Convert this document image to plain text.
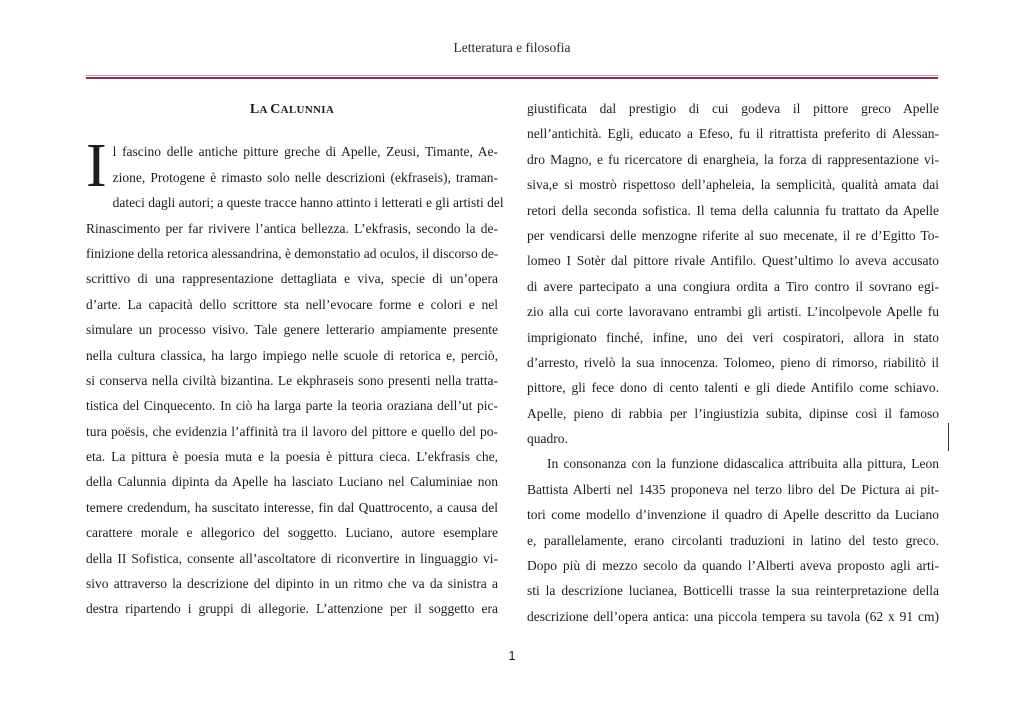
Letteratura e filosofia
LA CALUNNIA
I l fascino delle antiche pitture greche di Apelle, Zeusi, Timante, Ae-
zione, Protogene è rimasto solo nelle descrizioni (ekfraseis), traman-
dateci dagli autori; a queste tracce hanno attinto i letterati e gli artisti del
Rinascimento per far rivivere l’antica bellezza. L’ekfrasis, secondo la de-
finizione della retorica alessandrina, è demonstatio ad oculos, il discorso de-
scrittivo di una rappresentazione dettagliata e viva, specie di un’opera
d’arte. La capacità dello scrittore sta nell’evocare forme e colori e nel
simulare un processo visivo. Tale genere letterario ampiamente presente
nella cultura classica, ha largo impiego nelle scuole di retorica e, perciò,
si conserva nella civiltà bizantina. Le ekphraseis sono presenti nella tratta-
tistica del Cinquecento. In ciò ha larga parte la teoria oraziana dell’ut pic-
tura poësis, che evidenzia l’affinità tra il lavoro del pittore e quello del po-
eta. La pittura è poesia muta e la poesia è pittura cieca. L’ekfrasis che,
della Calunnia dipinta da Apelle ha lasciato Luciano nel Caluminiae non
temere credendum, ha suscitato interesse, fin dal Quattrocento, a causa del
carattere morale e allegorico del soggetto. Luciano, autore esemplare
della II Sofistica, consente all’ascoltatore di riconvertire in linguaggio vi-
sivo attraverso la descrizione del dipinto in un ritmo che va da sinistra a
destra ripartendo i gruppi di allegorie. L’attenzione per il soggetto era
giustificata dal prestigio di cui godeva il pittore greco Apelle
nell’antichità. Egli, educato a Efeso, fu il ritrattista preferito di Alessan-
dro Magno, e fu ricercatore di enargheia, la forza di rappresentazione vi-
siva,e si mostrò rispettoso dell’apheleia, la semplicità, qualità amata dai
retori della seconda sofistica. Il tema della calunnia fu trattato da Apelle
per vendicarsi delle menzogne riferite al suo mecenate, il re d’Egitto To-
lomeo I Sotèr dal pittore rivale Antifilo. Quest’ultimo lo aveva accusato
di avere partecipato a una congiura ordita a Tiro contro il sovrano egi-
zio alla cui corte lavoravano entrambi gli artisti. L’incolpevole Apelle fu
imprigionato finché, infine, uno dei veri cospiratori, allora in stato
d’arresto, rivelò la sua innocenza. Tolomeo, pieno di rimorso, riabilitò il
pittore, gli fece dono di cento talenti e gli diede Antifilo come schiavo.
Apelle, pieno di rabbia per l’ingiustizia subita, dipinse così il famoso
quadro.
In consonanza con la funzione didascalica attribuita alla pittura, Leon
Battista Alberti nel 1435 proponeva nel terzo libro del De Pictura ai pit-
tori come modello d’invenzione il quadro di Apelle descritto da Luciano
e, parallelamente, erano circolanti traduzioni in latino del testo greco.
Dopo più di mezzo secolo da quando l’Alberti aveva proposto agli arti-
sti la descrizione lucianea, Botticelli trasse la sua reinterpretazione della
descrizione dell’opera antica: una piccola tempera su tavola (62 x 91 cm)
1
